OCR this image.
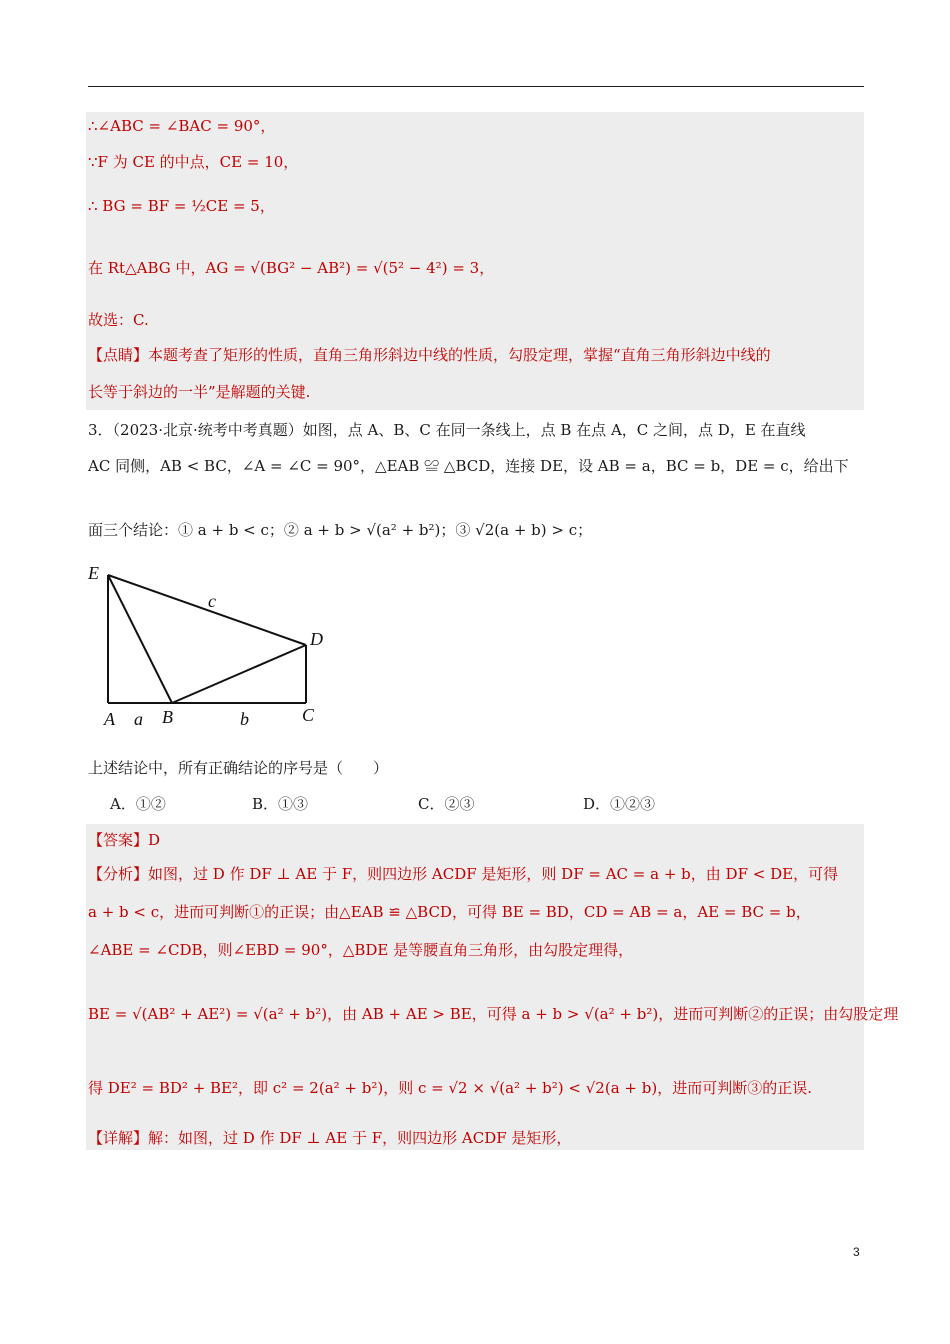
∴∠ABC = ∠BAC = 90°，
∵F 为 CE 的中点，CE = 10，
∴ BG = BF = ½CE = 5，
在 Rt△ABG 中，AG = √(BG² − AB²) = √(5² − 4²) = 3，
故选：C.
【点睛】本题考查了矩形的性质，直角三角形斜边中线的性质，勾股定理，掌握“直角三角形斜边中线的
长等于斜边的一半”是解题的关键.
3．（2023·北京·统考中考真题）如图，点 A、B、C 在同一条线上，点 B 在点 A，C 之间，点 D，E 在直线
AC 同侧，AB < BC，∠A = ∠C = 90°，△EAB ≌ △BCD，连接 DE，设 AB = a，BC = b，DE = c，给出下
面三个结论：① a + b < c；② a + b > √(a² + b²)；③ √2(a + b) > c；
E
c
D
A a B	b	C
上述结论中，所有正确结论的序号是（　　）
A．①②	B．①③	C．②③	D．①②③
【答案】D
【分析】如图，过 D 作 DF ⊥ AE 于 F，则四边形 ACDF 是矩形，则 DF = AC = a + b，由 DF < DE，可得
a + b < c，进而可判断①的正误；由△EAB ≌ △BCD，可得 BE = BD，CD = AB = a，AE = BC = b，
∠ABE = ∠CDB，则∠EBD = 90°，△BDE 是等腰直角三角形，由勾股定理得，
BE = √(AB² + AE²) = √(a² + b²)，由 AB + AE > BE，可得 a + b > √(a² + b²)，进而可判断②的正误；由勾股定理
得 DE² = BD² + BE²，即 c² = 2(a² + b²)，则 c = √2 × √(a² + b²) < √2(a + b)，进而可判断③的正误.
【详解】解：如图，过 D 作 DF ⊥ AE 于 F，则四边形 ACDF 是矩形，
3
